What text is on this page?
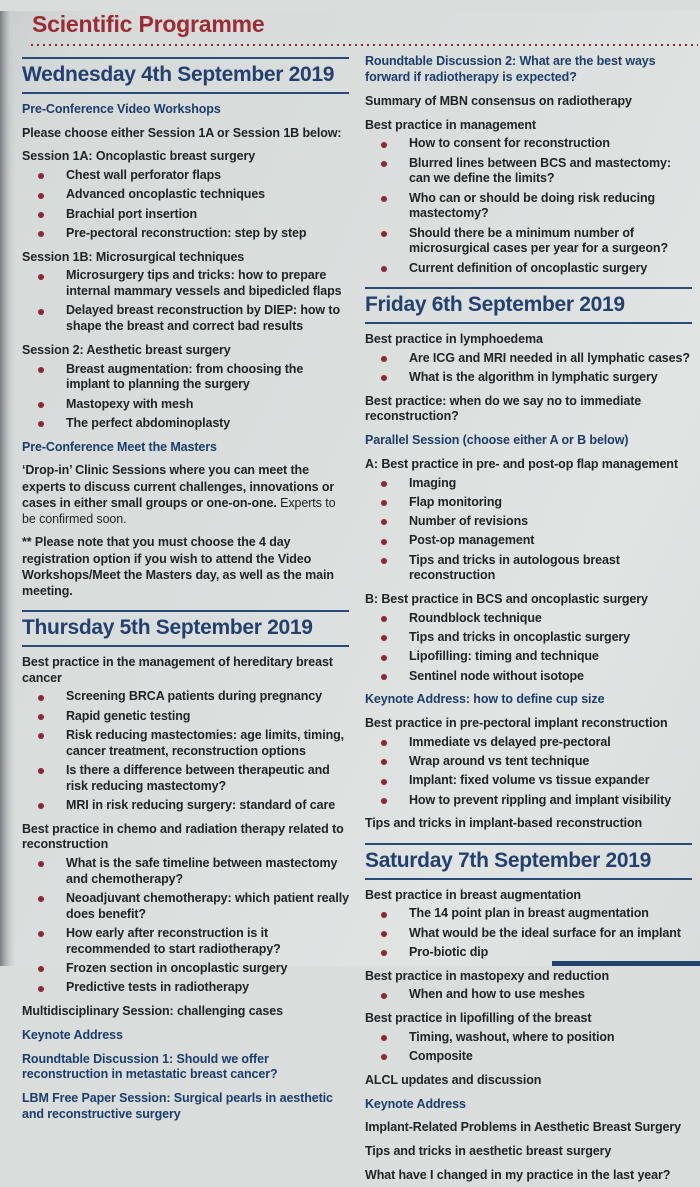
Scientific Programme
Wednesday 4th September 2019
Pre-Conference Video Workshops
Please choose either Session 1A or Session 1B below:
Session 1A: Oncoplastic breast surgery
Chest wall perforator flaps
Advanced oncoplastic techniques
Brachial port insertion
Pre-pectoral reconstruction: step by step
Session 1B: Microsurgical techniques
Microsurgery tips and tricks: how to prepare internal mammary vessels and bipedicled flaps
Delayed breast reconstruction by DIEP: how to shape the breast and correct bad results
Session 2: Aesthetic breast surgery
Breast augmentation: from choosing the implant to planning the surgery
Mastopexy with mesh
The perfect abdominoplasty
Pre-Conference Meet the Masters

‘Drop-in’ Clinic Sessions where you can meet the experts to discuss current challenges, innovations or cases in either small groups or one-on-one. Experts to be confirmed soon.

** Please note that you must choose the 4 day registration option if you wish to attend the Video Workshops/Meet the Masters day, as well as the main meeting.

Thursday 5th September 2019
Best practice in the management of hereditary breast cancer
Screening BRCA patients during pregnancy
Rapid genetic testing
Risk reducing mastectomies: age limits, timing, cancer treatment, reconstruction options
Is there a difference between therapeutic and risk reducing mastectomy?
MRI in risk reducing surgery: standard of care
Best practice in chemo and radiation therapy related to reconstruction
What is the safe timeline between mastectomy and chemotherapy?
Neoadjuvant chemotherapy: which patient really does benefit?
How early after reconstruction is it recommended to start radiotherapy?
Frozen section in oncoplastic surgery
Predictive tests in radiotherapy
Multidisciplinary Session: challenging cases
Keynote Address
Roundtable Discussion 1: Should we offer reconstruction in metastatic breast cancer?
LBM Free Paper Session: Surgical pearls in aesthetic and reconstructive surgery
Roundtable Discussion 2: What are the best ways forward if radiotherapy is expected?
Summary of MBN consensus on radiotherapy
Best practice in management
How to consent for reconstruction
Blurred lines between BCS and mastectomy: can we define the limits?
Who can or should be doing risk reducing mastectomy?
Should there be a minimum number of microsurgical cases per year for a surgeon?
Current definition of oncoplastic surgery
Friday 6th September 2019
Best practice in lymphoedema
Are ICG and MRI needed in all lymphatic cases?
What is the algorithm in lymphatic surgery
Best practice: when do we say no to immediate reconstruction?
Parallel Session (choose either A or B below)
A: Best practice in pre- and post-op flap management
Imaging
Flap monitoring
Number of revisions
Post-op management
Tips and tricks in autologous breast reconstruction
B: Best practice in BCS and oncoplastic surgery
Roundblock technique
Tips and tricks in oncoplastic surgery
Lipofilling: timing and technique
Sentinel node without isotope
Keynote Address: how to define cup size
Best practice in pre-pectoral implant reconstruction
Immediate vs delayed pre-pectoral
Wrap around vs tent technique
Implant: fixed volume vs tissue expander
How to prevent rippling and implant visibility
Tips and tricks in implant-based reconstruction
Saturday 7th September 2019
Best practice in breast augmentation
The 14 point plan in breast augmentation
What would be the ideal surface for an implant
Pro-biotic dip
Best practice in mastopexy and reduction
When and how to use meshes
Best practice in lipofilling of the breast
Timing, washout, where to position
Composite
ALCL updates and discussion
Keynote Address
Implant-Related Problems in Aesthetic Breast Surgery
Tips and tricks in aesthetic breast surgery
What have I changed in my practice in the last year?
